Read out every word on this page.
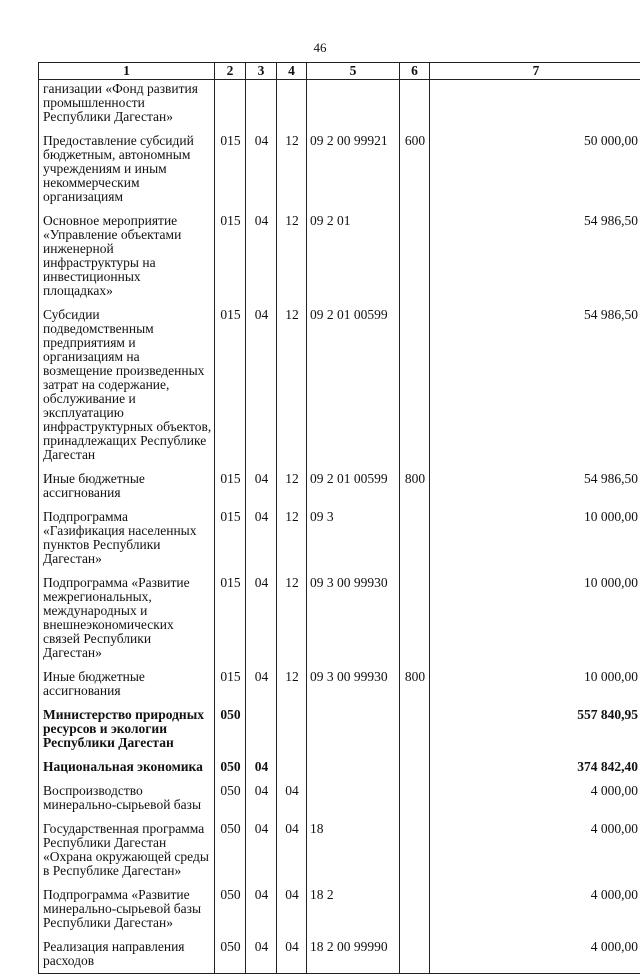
46
1	2	3	4	5	6	7
ганизации «Фонд развития промышленности Республики Дагестан»						
Предоставление субсидий бюджетным, автономным учреждениям и иным некоммерческим организациям	015	04	12	09 2 00 99921	600	50 000,00
Основное мероприятие «Управление объектами инженерной инфраструктуры на инвестиционных площадках»	015	04	12	09 2 01		54 986,50
Субсидии подведомственным предприятиям и организациям на возмещение произведенных затрат на содержание, обслуживание и эксплуатацию инфраструктурных объектов, принадлежащих Республике Дагестан	015	04	12	09 2 01 00599		54 986,50
Иные бюджетные ассигнования	015	04	12	09 2 01 00599	800	54 986,50
Подпрограмма «Газификация населенных пунктов Республики Дагестан»	015	04	12	09 3		10 000,00
Подпрограмма «Развитие межрегиональных, международных и внешнеэкономических связей Республики Дагестан»	015	04	12	09 3 00 99930		10 000,00
Иные бюджетные ассигнования	015	04	12	09 3 00 99930	800	10 000,00
Министерство природных ресурсов и экологии Республики Дагестан	050					557 840,95
Национальная экономика	050	04				374 842,40
Воспроизводство минерально-сырьевой базы	050	04	04			4 000,00
Государственная программа Республики Дагестан «Охрана окружающей среды в Республике Дагестан»	050	04	04	18		4 000,00
Подпрограмма «Развитие минерально-сырьевой базы Республики Дагестан»	050	04	04	18 2		4 000,00
Реализация направления расходов	050	04	04	18 2 00 99990		4 000,00
